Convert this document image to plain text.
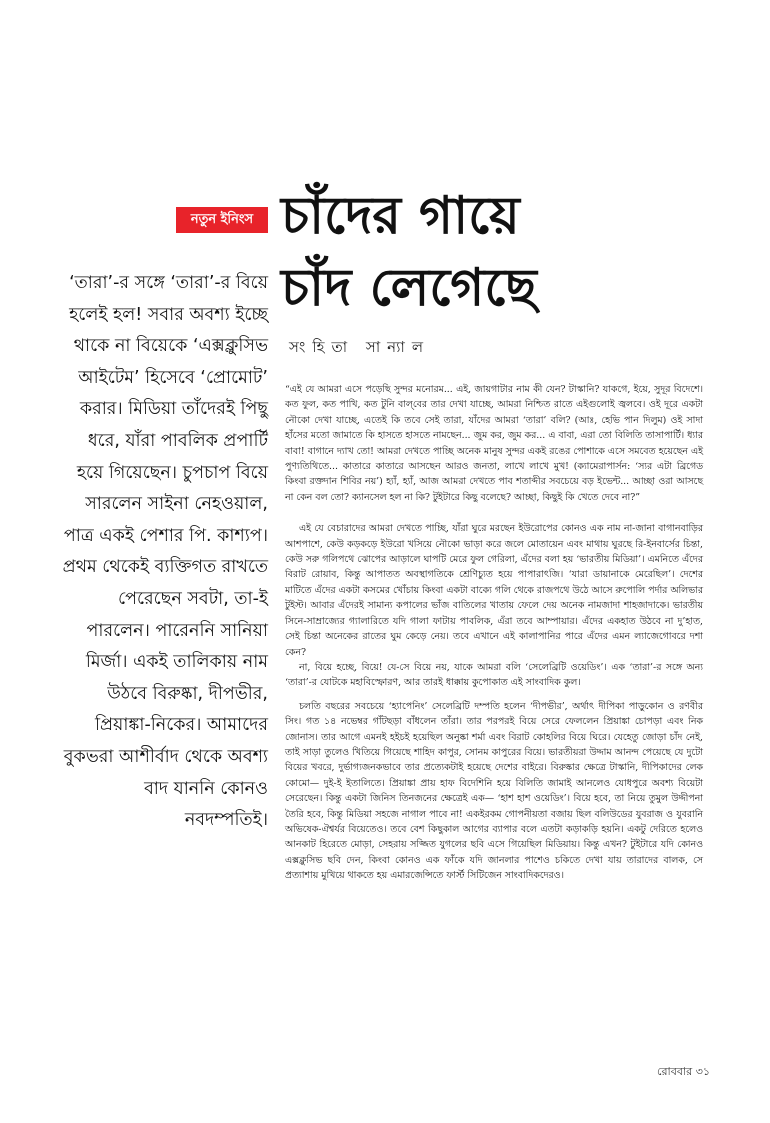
নতুন ইনিংস চাঁদের গায়ে
চাঁদ লেগেছে
সংহিতা সান্যাল

‘তারা’-র সঙ্গে ‘তারা’-র বিয়ে হলেই হল! সবার অবশ্য ইচ্ছে থাকে না বিয়েকে ‘এক্সক্লুসিভ আইটেম’ হিসেবে ‘প্রোমোট’ করার। মিডিয়া তাঁদেরই পিছু ধরে, যাঁরা পাবলিক প্রপার্টি হয়ে গিয়েছেন। চুপচাপ বিয়ে সারলেন সাইনা নেহওয়াল, পাত্র একই পেশার পি. কাশ্যপ। প্রথম থেকেই ব্যক্তিগত রাখতে পেরেছেন সবটা, তা-ই পারলেন। পারেননি সানিয়া মির্জা। একই তালিকায় নাম উঠবে বিরুষ্কা, দীপভীর, প্রিয়াঙ্কা-নিকের। আমাদের বুকভরা আশীর্বাদ থেকে অবশ্য বাদ যাননি কোনও নবদম্পতিই।

“এই যে আমরা এসে পড়েছি সুন্দর মনোরম... এই, জায়গাটার নাম কী যেন? টাস্কানি? যাকগে, ইয়ে, সুদূর বিদেশে। কত ফুল, কত পাখি, কত টুনি বাল্‌বের তার দেখা যাচ্ছে, আমরা নিশ্চিত রাতে এইগুলোই জ্বলবে। ওই দূরে একটা নৌকো দেখা যাচ্ছে, এতেই কি তবে সেই তারা, যাঁদের আমরা ‘তারা’ বলি? (আঃ, হেভি পান দিলুম) ওই সাদা হাঁসের মতো জামাতে কি হাসতে হাসতে নামছেন... জুম কর, জুম কর... এ বাবা, এরা তো বিলিতি তাসাপার্টি। ধ্যার বাবা! বাগানে দ্যাখ তো! আমরা দেখতে পাচ্ছি অনেক মানুষ সুন্দর একই রঙের পোশাকে এসে সমবেত হয়েছেন এই পুণ্যতিথিতে... কাতারে কাতারে আসছেন আরও জনতা, লাখে লাখে মুখ! (ক্যামেরাপার্সন: ‘স্যর এটা ব্রিগেড কিংবা রক্তদান শিবির নয়’) হ্যাঁ, হ্যাঁ, আজ আমরা দেখতে পাব শতাব্দীর সবচেয়ে বড় ইভেন্ট... আচ্ছা ওরা আসছে না কেন বল তো? ক্যানসেল হল না কি? টুইটারে কিছু বলেছে? আচ্ছা, কিছুই কি খেতে দেবে না?”

এই যে বেচারাদের আমরা দেখতে পাচ্ছি, যাঁরা ঘুরে মরছেন ইউরোপের কোনও এক নাম না-জানা বাগানবাড়ির আশপাশে, কেউ কড়কড়ে ইউরো খসিয়ে নৌকো ভাড়া করে জলে মোতায়েন এবং মাথায় ঘুরছে রি-ইনবার্সের চিন্তা, কেউ সরু গলিপথে ঝোপের আড়ালে ঘাপটি মেরে ফুল গেরিলা, এঁদের বলা হয় ‘ভারতীয় মিডিয়া’। এমনিতে এঁদের বিরাট রোয়াব, কিন্তু আপাতত অবস্থাগতিকে শ্রেণিচ্যুত হয়ে পাপারাৎজি। ‘যারা ডায়ানাকে মেরেছিল’। দেশের মাটিতে এঁদের একটা কসমের খোঁচায় কিংবা একটা বাক্যে গলি থেকে রাজপথে উঠে আসে রুপোলি পর্দার অলিভার টুইস্ট। আবার এঁদেরই সামান্য কপালের ভাঁজ বাতিলের খাতায় ফেলে দেয় অনেক নামজাদা শাহজাদাকে। ভারতীয় সিনে-সাম্রাজ্যের গ্যালারিতে যদি গালা ফাটায় পাবলিক, এঁরা তবে আম্পায়ার। এঁদের একহাত উঠবে না দু’হাত, সেই চিন্তা অনেকের রাতের ঘুম কেড়ে নেয়। তবে এখানে এই কালাপানির পারে এঁদের এমন ল্যাজেগোবরে দশা কেন?

না, বিয়ে হচ্ছে, বিয়ে! যে-সে বিয়ে নয়, যাকে আমরা বলি ‘সেলেব্রিটি ওয়েডিং’। এক ‘তারা’-র সঙ্গে অন্য ‘তারা’-র যোটকে মহাবিস্ফোরণ, আর তারই ধাক্কায় কুপোকাত এই সাংবাদিক কুল।

চলতি বছরের সবচেয়ে ‘হ্যাপেনিং’ সেলেব্রিটি দম্পতি হলেন ‘দীপভীর’, অর্থাৎ দীপিকা পাড়ুকোন ও রণবীর সিং। গত ১৪ নভেম্বর গাঁটছড়া বাঁধলেন তাঁরা। তার পরপরই বিয়ে সেরে ফেললেন প্রিয়াঙ্কা চোপড়া এবং নিক জোনাস। তার আগে এমনই হইচই হয়েছিল অনুষ্কা শর্মা এবং বিরাট কোহলির বিয়ে ঘিরে। যেহেতু জোড়া চাঁদ নেই, তাই সাড়া তুলেও খিতিয়ে গিয়েছে শাহিদ কাপুর, সোনম কাপুরের বিয়ে। ভারতীয়রা উদ্দাম আনন্দ পেয়েছে যে দুটো বিয়ের খবরে, দুর্ভাগ্যজনকভাবে তার প্রত্যেকটাই হয়েছে দেশের বাইরে। বিরুষ্কার ক্ষেত্রে টাস্কানি, দীপিকাদের লেক কোমো— দুই-ই ইতালিতে। প্রিয়াঙ্কা প্রায় হাফ বিদেশিনি হয়ে বিলিতি জামাই আনলেও যোধপুরে অবশ্য বিয়েটা সেরেছেন। কিন্তু একটা জিনিস তিনজনের ক্ষেত্রেই এক— ‘হাশ হাশ ওয়েডিং’। বিয়ে হবে, তা নিয়ে তুমুল উদ্দীপনা তৈরি হবে, কিন্তু মিডিয়া সহজে নাগাল পাবে না! একইরকম গোপনীয়তা বজায় ছিল বলিউডের যুবরাজ ও যুবরানি অভিষেক-ঐশ্বর্যর বিয়েতেও। তবে বেশ কিছুকাল আগের ব্যাপার বলে এতটা কড়াকড়ি হয়নি। একটু দেরিতে হলেও আনকাট হিরেতে মোড়া, সেহরায় সজ্জিত যুগলের ছবি এসে গিয়েছিল মিডিয়ায়। কিন্তু এখন? টুইটারে যদি কোনও এক্সক্লুসিভ ছবি দেন, কিংবা কোনও এক ফাঁকে যদি জানলার পাশেও চকিতে দেখা যায় তারাদের বালক, সে প্রত্যাশায় মুখিয়ে থাকতে হয় এমারজেন্সিতে ফার্স্ট সিটিজেন সাংবাদিকদেরও।

রোববার ৩১
